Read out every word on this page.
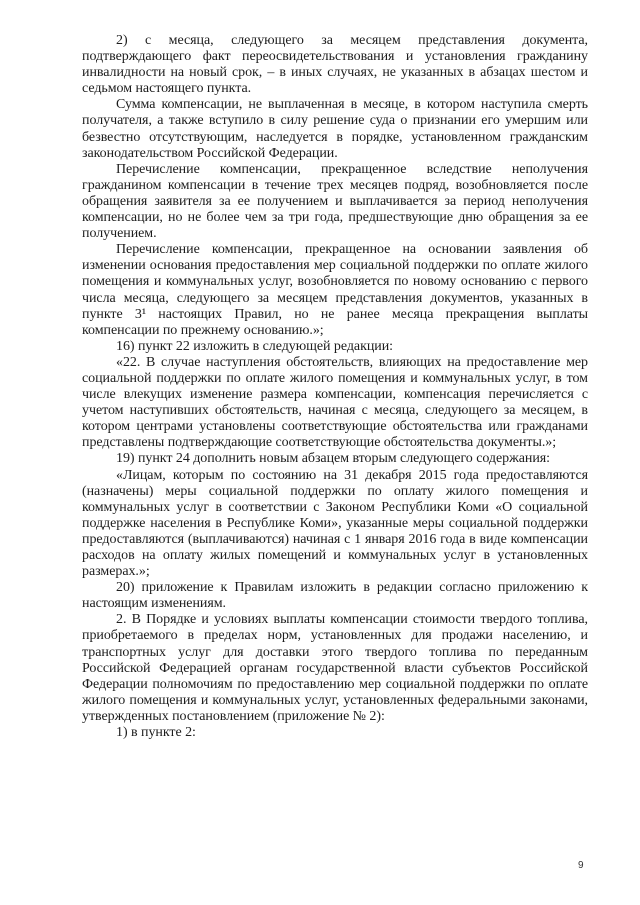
2) с месяца, следующего за месяцем представления документа, подтверждающего факт переосвидетельствования и установления гражданину инвалидности на новый срок, – в иных случаях, не указанных в абзацах шестом и седьмом настоящего пункта.

Сумма компенсации, не выплаченная в месяце, в котором наступила смерть получателя, а также вступило в силу решение суда о признании его умершим или безвестно отсутствующим, наследуется в порядке, установленном гражданским законодательством Российской Федерации.

Перечисление компенсации, прекращенное вследствие неполучения гражданином компенсации в течение трех месяцев подряд, возобновляется после обращения заявителя за ее получением и выплачивается за период неполучения компенсации, но не более чем за три года, предшествующие дню обращения за ее получением.

Перечисление компенсации, прекращенное на основании заявления об изменении основания предоставления мер социальной поддержки по оплате жилого помещения и коммунальных услуг, возобновляется по новому основанию с первого числа месяца, следующего за месяцем представления документов, указанных в пункте 3¹ настоящих Правил, но не ранее месяца прекращения выплаты компенсации по прежнему основанию.»;

16) пункт 22 изложить в следующей редакции:

«22. В случае наступления обстоятельств, влияющих на предоставление мер социальной поддержки по оплате жилого помещения и коммунальных услуг, в том числе влекущих изменение размера компенсации, компенсация перечисляется с учетом наступивших обстоятельств, начиная с месяца, следующего за месяцем, в котором центрами установлены соответствующие обстоятельства или гражданами представлены подтверждающие соответствующие обстоятельства документы.»;

19) пункт 24 дополнить новым абзацем вторым следующего содержания:

«Лицам, которым по состоянию на 31 декабря 2015 года предоставляются (назначены) меры социальной поддержки по оплату жилого помещения и коммунальных услуг в соответствии с Законом Республики Коми «О социальной поддержке населения в Республике Коми», указанные меры социальной поддержки предоставляются (выплачиваются) начиная с 1 января 2016 года в виде компенсации расходов на оплату жилых помещений и коммунальных услуг в установленных размерах.»;

20) приложение к Правилам изложить в редакции согласно приложению к настоящим изменениям.

2. В Порядке и условиях выплаты компенсации стоимости твердого топлива, приобретаемого в пределах норм, установленных для продажи населению, и транспортных услуг для доставки этого твердого топлива по переданным Российской Федерацией органам государственной власти субъектов Российской Федерации полномочиям по предоставлению мер социальной поддержки по оплате жилого помещения и коммунальных услуг, установленных федеральными законами, утвержденных постановлением (приложение № 2):

1) в пункте 2:

9
